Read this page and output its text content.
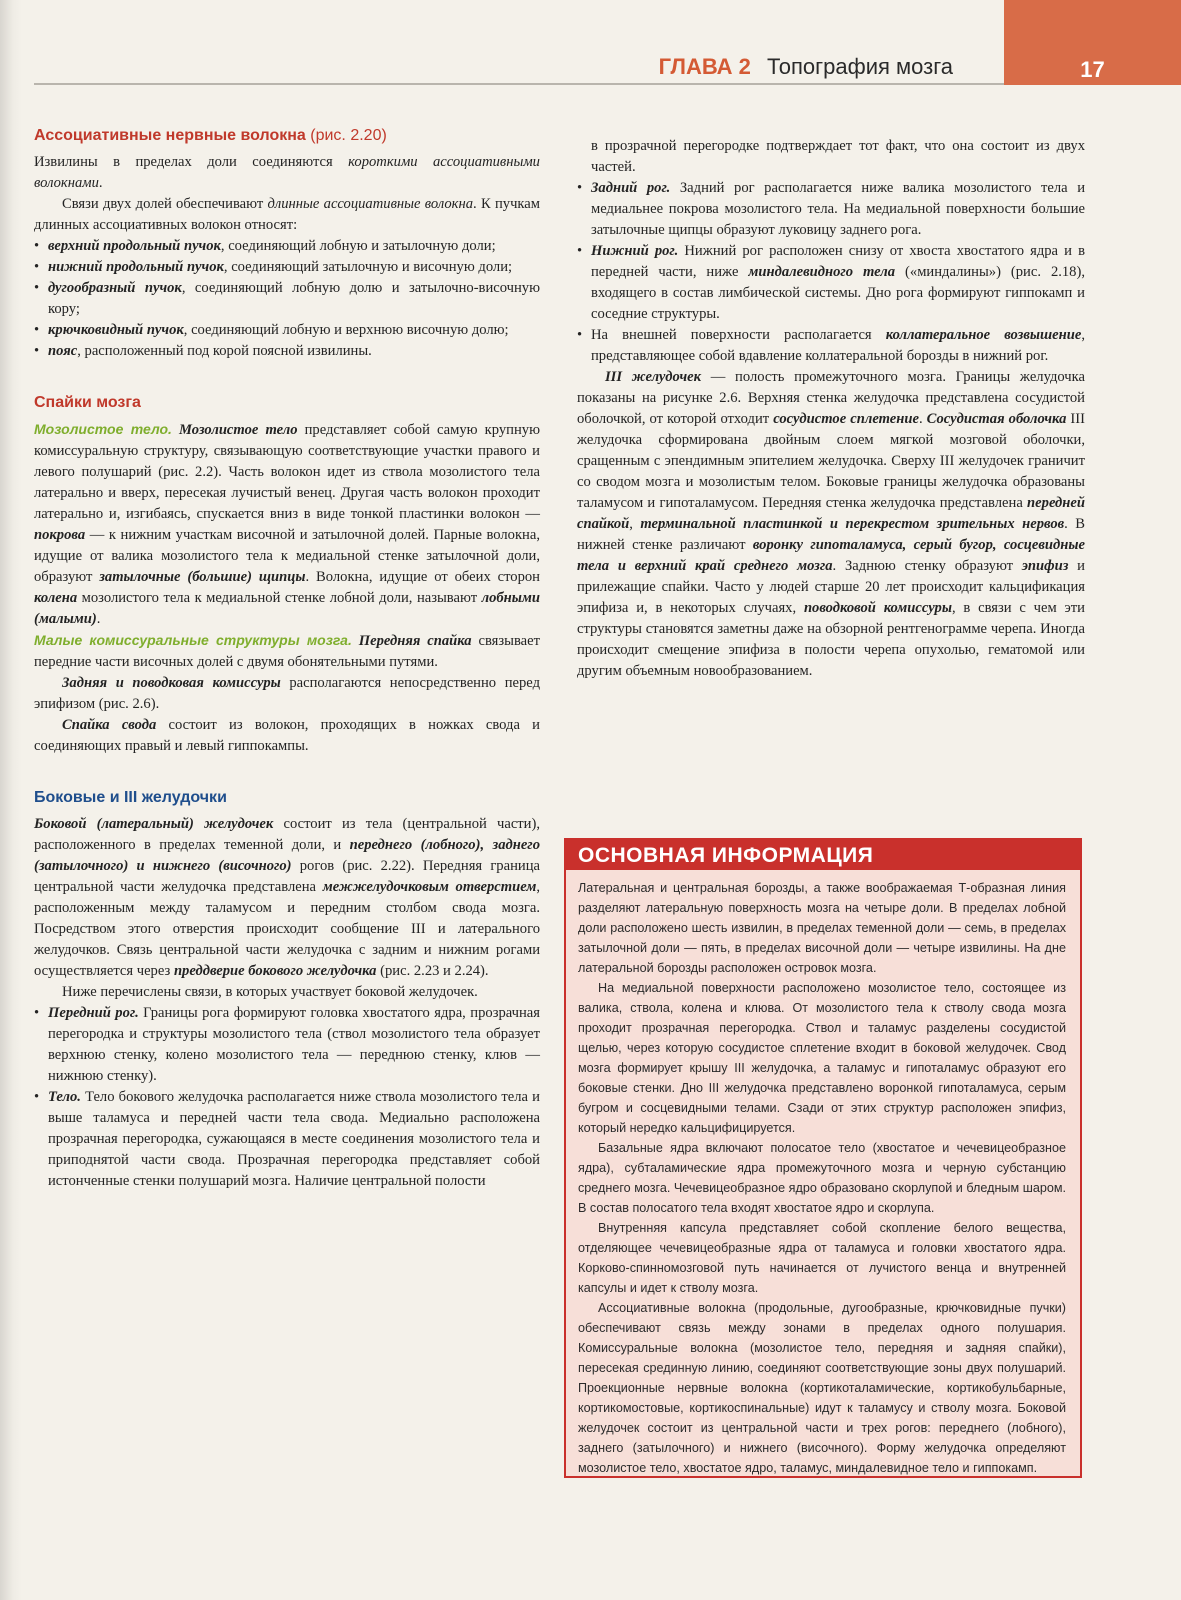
ГЛАВА 2 Топография мозга	17
Ассоциативные нервные волокна (рис. 2.20)

Извилины в пределах доли соединяются короткими ассоциативными волокнами.

Связи двух долей обеспечивают длинные ассоциативные волокна. К пучкам длинных ассоциативных волокон относят:

• верхний продольный пучок, соединяющий лобную и затылочную доли;
• нижний продольный пучок, соединяющий затылочную и височную доли;
• дугообразный пучок, соединяющий лобную долю и затылочно-височную кору;
• крючковидный пучок, соединяющий лобную и верхнюю височную долю;
• пояс, расположенный под корой поясной извилины.
Спайки мозга

Мозолистое тело. Мозолистое тело представляет собой самую крупную комиссуральную структуру, связывающую соответствующие участки правого и левого полушарий (рис. 2.2). Часть волокон идет из ствола мозолистого тела латерально и вверх, пересекая лучистый венец. Другая часть волокон проходит латерально и, изгибаясь, спускается вниз в виде тонкой пластинки волокон — покрова — к нижним участкам височной и затылочной долей. Парные волокна, идущие от валика мозолистого тела к медиальной стенке затылочной доли, образуют затылочные (большие) щипцы. Волокна, идущие от обеих сторон колена мозолистого тела к медиальной стенке лобной доли, называют лобными (малыми).

Малые комиссуральные структуры мозга. Передняя спайка связывает передние части височных долей с двумя обонятельными путями.

Задняя и поводковая комиссуры располагаются непосредственно перед эпифизом (рис. 2.6).

Спайка свода состоит из волокон, проходящих в ножках свода и соединяющих правый и левый гиппокампы.

Боковые и III желудочки

Боковой (латеральный) желудочек состоит из тела (центральной части), расположенного в пределах теменной доли, и переднего (лобного), заднего (затылочного) и нижнего (височного) рогов (рис. 2.22). Передняя граница центральной части желудочка представлена межжелудочковым отверстием, расположенным между таламусом и передним столбом свода мозга. Посредством этого отверстия происходит сообщение III и латерального желудочков. Связь центральной части желудочка с задним и нижним рогами осуществляется через преддверие бокового желудочка (рис. 2.23 и 2.24).

Ниже перечислены связи, в которых участвует боковой желудочек.

• Передний рог. Границы рога формируют головка хвостатого ядра, прозрачная перегородка и структуры мозолистого тела (ствол мозолистого тела образует верхнюю стенку, колено мозолистого тела — переднюю стенку, клюв — нижнюю стенку).
• Тело. Тело бокового желудочка располагается ниже ствола мозолистого тела и выше таламуса и передней части тела свода. Медиально расположена прозрачная перегородка, сужающаяся в месте соединения мозолистого тела и приподнятой части свода. Прозрачная перегородка представляет собой истонченные стенки полушарий мозга. Наличие центральной полости

в прозрачной перегородке подтверждает тот факт, что она состоит из двух частей.

• Задний рог. Задний рог располагается ниже валика мозолистого тела и медиальнее покрова мозолистого тела. На медиальной поверхности большие затылочные щипцы образуют луковицу заднего рога.
• Нижний рог. Нижний рог расположен снизу от хвоста хвостатого ядра и в передней части, ниже миндалевидного тела («миндалины») (рис. 2.18), входящего в состав лимбической системы. Дно рога формируют гиппокамп и соседние структуры.
• На внешней поверхности располагается коллатеральное возвышение, представляющее собой вдавление коллатеральной борозды в нижний рог.

III желудочек — полость промежуточного мозга. Границы желудочка показаны на рисунке 2.6. Верхняя стенка желудочка представлена сосудистой оболочкой, от которой отходит сосудистое сплетение. Сосудистая оболочка III желудочка сформирована двойным слоем мягкой мозговой оболочки, сращенным с эпендимным эпителием желудочка. Сверху III желудочек граничит со сводом мозга и мозолистым телом. Боковые границы желудочка образованы таламусом и гипоталамусом. Передняя стенка желудочка представлена передней спайкой, терминальной пластинкой и перекрестом зрительных нервов. В нижней стенке различают воронку гипоталамуса, серый бугор, сосцевидные тела и верхний край среднего мозга. Заднюю стенку образуют эпифиз и прилежащие спайки. Часто у людей старше 20 лет происходит кальцификация эпифиза и, в некоторых случаях, поводковой комиссуры, в связи с чем эти структуры становятся заметны даже на обзорной рентгенограмме черепа. Иногда происходит смещение эпифиза в полости черепа опухолью, гематомой или другим объемным новообразованием.

ОСНОВНАЯ ИНФОРМАЦИЯ

Латеральная и центральная борозды, а также воображаемая Т-образная линия разделяют латеральную поверхность мозга на четыре доли. В пределах лобной доли расположено шесть извилин, в пределах теменной доли — семь, в пределах затылочной доли — пять, в пределах височной доли — четыре извилины. На дне латеральной борозды расположен островок мозга.

На медиальной поверхности расположено мозолистое тело, состоящее из валика, ствола, колена и клюва. От мозолистого тела к стволу свода мозга проходит прозрачная перегородка. Ствол и таламус разделены сосудистой щелью, через которую сосудистое сплетение входит в боковой желудочек. Свод мозга формирует крышу III желудочка, а таламус и гипоталамус образуют его боковые стенки. Дно III желудочка представлено воронкой гипоталамуса, серым бугром и сосцевидными телами. Сзади от этих структур расположен эпифиз, который нередко кальцифицируется.

Базальные ядра включают полосатое тело (хвостатое и чечевицеобразное ядра), субталамические ядра промежуточного мозга и черную субстанцию среднего мозга. Чечевицеобразное ядро образовано скорлупой и бледным шаром. В состав полосатого тела входят хвостатое ядро и скорлупа.

Внутренняя капсула представляет собой скопление белого вещества, отделяющее чечевицеобразные ядра от таламуса и головки хвостатого ядра. Корково-спинномозговой путь начинается от лучистого венца и внутренней капсулы и идет к стволу мозга.

Ассоциативные волокна (продольные, дугообразные, крючковидные пучки) обеспечивают связь между зонами в пределах одного полушария. Комиссуральные волокна (мозолистое тело, передняя и задняя спайки), пересекая срединную линию, соединяют соответствующие зоны двух полушарий. Проекционные нервные волокна (кортикоталамические, кортикобульбарные, кортикомостовые, кортикоспинальные) идут к таламусу и стволу мозга. Боковой желудочек состоит из центральной части и трех рогов: переднего (лобного), заднего (затылочного) и нижнего (височного). Форму желудочка определяют мозолистое тело, хвостатое ядро, таламус, миндалевидное тело и гиппокамп.
